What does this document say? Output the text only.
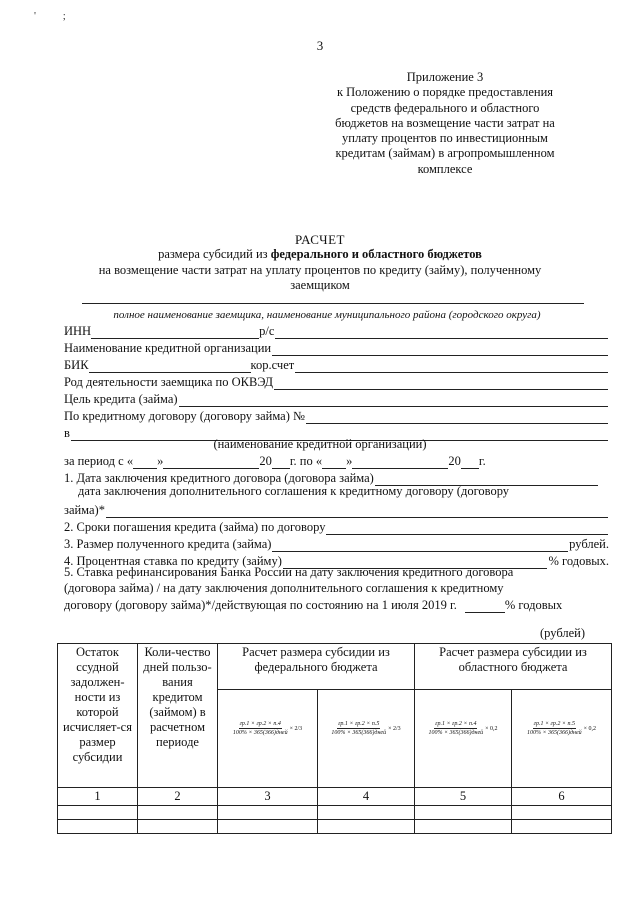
' ;
3
Приложение 3
к Положению о порядке предоставления
средств федерального и областного
бюджетов на возмещение части затрат на
уплату процентов по инвестиционным
кредитам (займам) в агропромышленном
комплексе
РАСЧЕТ
размера субсидий из федерального и областного бюджетов
на возмещение части затрат на уплату процентов по кредиту (займу), полученному
заемщиком
полное наименование заемщика, наименование муниципального района (городского округа)
ИНН	р/с
Наименование кредитной организации
БИК	кор.счет
Род деятельности заемщика по ОКВЭД
Цель кредита (займа)
По кредитному договору (договору займа) №
в
(наименование кредитной организации)
за период с « »	20 г. по « »	20 г.
1. Дата заключения кредитного договора (договора займа)
дата заключения дополнительного соглашения к кредитному договору (договору
займа)*
2. Сроки погашения кредита (займа) по договору
3. Размер полученного кредита (займа)	рублей.
4. Процентная ставка по кредиту (займу)	% годовых.
5. Ставка рефинансирования Банка России на дату заключения кредитного договора
(договора займа) / на дату заключения дополнительного соглашения к кредитному
договору (договору займа)*/действующая по состоянию на 1 июля 2019 г.	% годовых
(рублей)
Остаток ссудной задолжен-ности из которой исчисляет-ся размер субсидии	Коли-чество дней пользо-вания кредитом (займом) в расчетном периоде	Расчет размера субсидии из федерального бюджета		Расчет размера субсидии из областного бюджета	

		гр.1 × гр.2 × п.4
100% × 365(366)дней
× 2/3	гр.1 × гр.2 × п.5
100% × 365(366)дней
× 2/3	гр.1 × гр.2 × п.4
100% × 365(366)дней
× 0,2	гр.1 × гр.2 × п.5
100% × 365(366)дней
× 0,2

1	2	3	4	5	6
